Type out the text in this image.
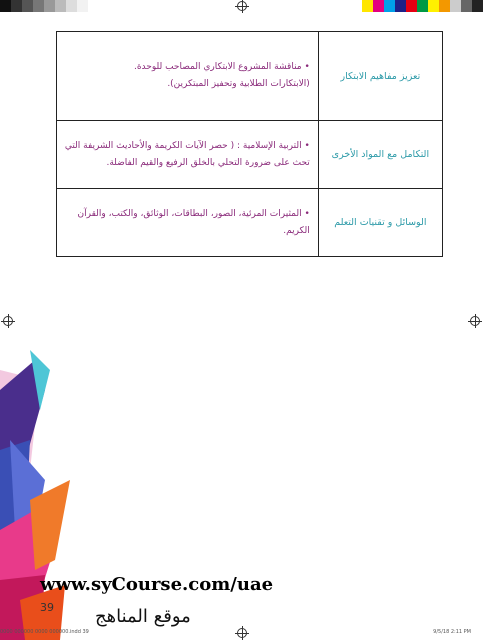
• مناقشة المشروع الابتكاري المصاحب للوحدة.
(الابتكارات الطلابية وتحفيز المبتكرين).	تعزيز مفاهيم الابتكار

• التربية الإسلامية : ( حصر الآيات الكريمة والأحاديث الشريفة التي
تحث على ضرورة التحلي بالخلق الرفيع والقيم الفاضلة.	التكامل مع المواد الأخرى

• المثيرات المرئية، الصور، البطاقات، الوثائق، والكتب، والقرآن الكريم.	الوسائل و تقنيات التعلم
www.syCourse.com/uae
39 موقع المناهج
0000 000000 0000 000000.indd 39	9/5/18 2:11 PM
